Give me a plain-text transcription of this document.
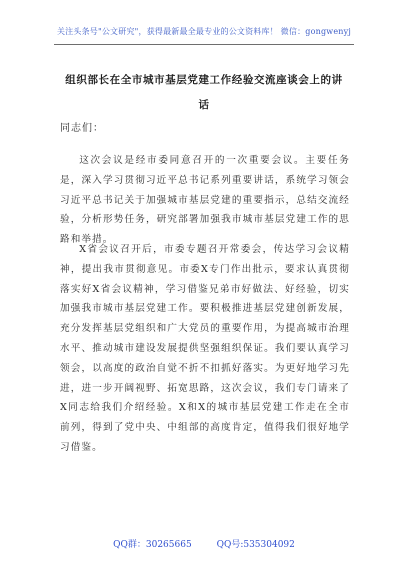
关注头条号"公文研究"，获得最新最全最专业的公文资料库！ 微信：gongwenyj
组织部长在全市城市基层党建工作经验交流座谈会上的讲话
同志们：

这次会议是经市委同意召开的一次重要会议。主要任务是，深入学习贯彻习近平总书记系列重要讲话，系统学习领会习近平总书记关于加强城市基层党建的重要指示，总结交流经验，分析形势任务，研究部署加强我市城市基层党建工作的思路和举措。

X省会议召开后，市委专题召开常委会，传达学习会议精神，提出我市贯彻意见。市委X专门作出批示，要求认真贯彻落实好X省会议精神，学习借鉴兄弟市好做法、好经验，切实加强我市城市基层党建工作。要积极推进基层党建创新发展，充分发挥基层党组织和广大党员的重要作用，为提高城市治理水平、推动城市建设发展提供坚强组织保证。我们要认真学习领会，以高度的政治自觉不折不扣抓好落实。为更好地学习先进，进一步开阔视野、拓宽思路，这次会议，我们专门请来了X同志给我们介绍经验。X和X的城市基层党建工作走在全市前列，得到了党中央、中组部的高度肯定，值得我们很好地学习借鉴。

QQ群：30265665	QQ号:535304092
